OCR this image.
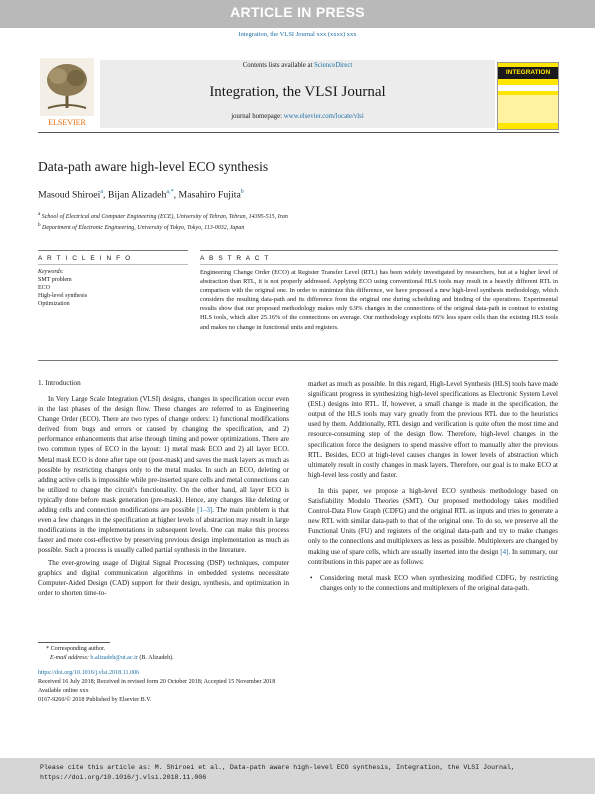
ARTICLE IN PRESS
Integration, the VLSI Journal xxx (xxxx) xxx
Contents lists available at ScienceDirect
Integration, the VLSI Journal
journal homepage: www.elsevier.com/locate/vlsi
ELSEVIER
INTEGRATION
Data-path aware high-level ECO synthesis
Masoud Shiroei$^a$, Bijan Alizadeh$^{a,*}$, Masahiro Fujita$^b$
$^a$ School of Electrical and Computer Engineering (ECE), University of Tehran, Tehran, 14395-515, Iran
$^b$ Department of Electronic Engineering, University of Tokyo, Tokyo, 113-0032, Japan
A R T I C L E I N F O	A B S T R A C T
Keywords:
SMT problem
ECO
High-level synthesis
Optimization
Engineering Change Order (ECO) at Register Transfer Level (RTL) has been widely investigated by researchers, but at a higher level of abstraction than RTL, it is not properly addressed. Applying ECO using conventional HLS tools may result in a heavily different RTL in comparison with the original one. In order to minimize this difference, we have proposed a new high-level synthesis methodology, which considers the resulting data-path and its difference from the original one during scheduling and binding of the operations. Experimental results show that our proposed methodology makes only 6.9% changes in the connections of the original data-path in contrast to existing HLS tools, which alter 25.16% of the connections on average. Our methodology exploits 66% less spare cells than the existing HLS tools and makes no change in functional units and registers.
1. Introduction

In Very Large Scale Integration (VLSI) designs, changes in specification occur even in the last phases of the design flow. These changes are referred to as Engineering Change Order (ECO). There are two types of change orders: 1) functional modifications derived from bugs and errors or caused by changing the specification, and 2) performance enhancements that arise through timing and power optimizations. There are two common types of ECO in the layout: 1) metal mask ECO and 2) all layer ECO. Metal mask ECO is done after tape out (post-mask) and saves the mask layers as much as possible by restricting changes only to the metal masks. In such an ECO, deleting or adding active cells is impossible while pre-inserted spare cells and metal connections can be utilized to change the circuit's functionality. On the other hand, all layer ECO is typically done before mask generation (pre-mask). Hence, any changes like deleting or adding cells and connection modifications are possible [1–3]. The main problem is that even a few changes in the specification at higher levels of abstraction may result in large modifications in the implementations in subsequent levels. One can make this process faster and more cost-effective by preserving previous design implementation as much as possible. Such a process is usually called partial synthesis in the literature.

The ever-growing usage of Digital Signal Processing (DSP) techniques, computer graphics and digital communication algorithms in embedded systems necessitate Computer-Aided Design (CAD) support for their design, synthesis, and optimization in order to shorten time-to-

market as much as possible. In this regard, High-Level Synthesis (HLS) tools have made significant progress in synthesizing high-level specifications as Electronic System Level (ESL) designs into RTL. If, however, a small change is made in the specification, the output of the HLS tools may vary greatly from the previous RTL due to the heuristics used by them. Additionally, RTL design and verification is quite often the most time and resource-consuming step of the design flow. Therefore, high-level changes in the specification force the designers to spend massive effort to manually alter the previous RTL. Besides, ECO at high-level causes changes in lower levels of abstraction which ultimately result in costly changes in mask layers. Therefore, our goal is to make ECO at high-level less costly and faster.

In this paper, we propose a high-level ECO synthesis methodology based on Satisfiability Modulo Theories (SMT). Our proposed methodology takes modified Control-Data Flow Graph (CDFG) and the original RTL as inputs and tries to generate a new RTL with similar data-path to that of the original one. To do so, we preserve all the Functional Units (FU) and registers of the original data-path and try to make changes only to the connections and multiplexers as less as possible. Multiplexers are changed by making use of spare cells, which are usually inserted into the design [4]. In summary, our contributions in this paper are as follows:

• Considering metal mask ECO when synthesizing modified CDFG, by restricting changes only to the connections and multiplexers of the original data-path.
* Corresponding author.
E-mail address: b.alizadeh@ut.ac.ir (B. Alizadeh).
https://doi.org/10.1016/j.vlsi.2018.11.006
Received 16 July 2018; Received in revised form 20 October 2018; Accepted 15 November 2018
Available online xxx
0167-9260/© 2018 Published by Elsevier B.V.
Please cite this article as: M. Shiroei et al., Data-path aware high-level ECO synthesis, Integration, the VLSI Journal, https://doi.org/10.1016/j.vlsi.2018.11.006
